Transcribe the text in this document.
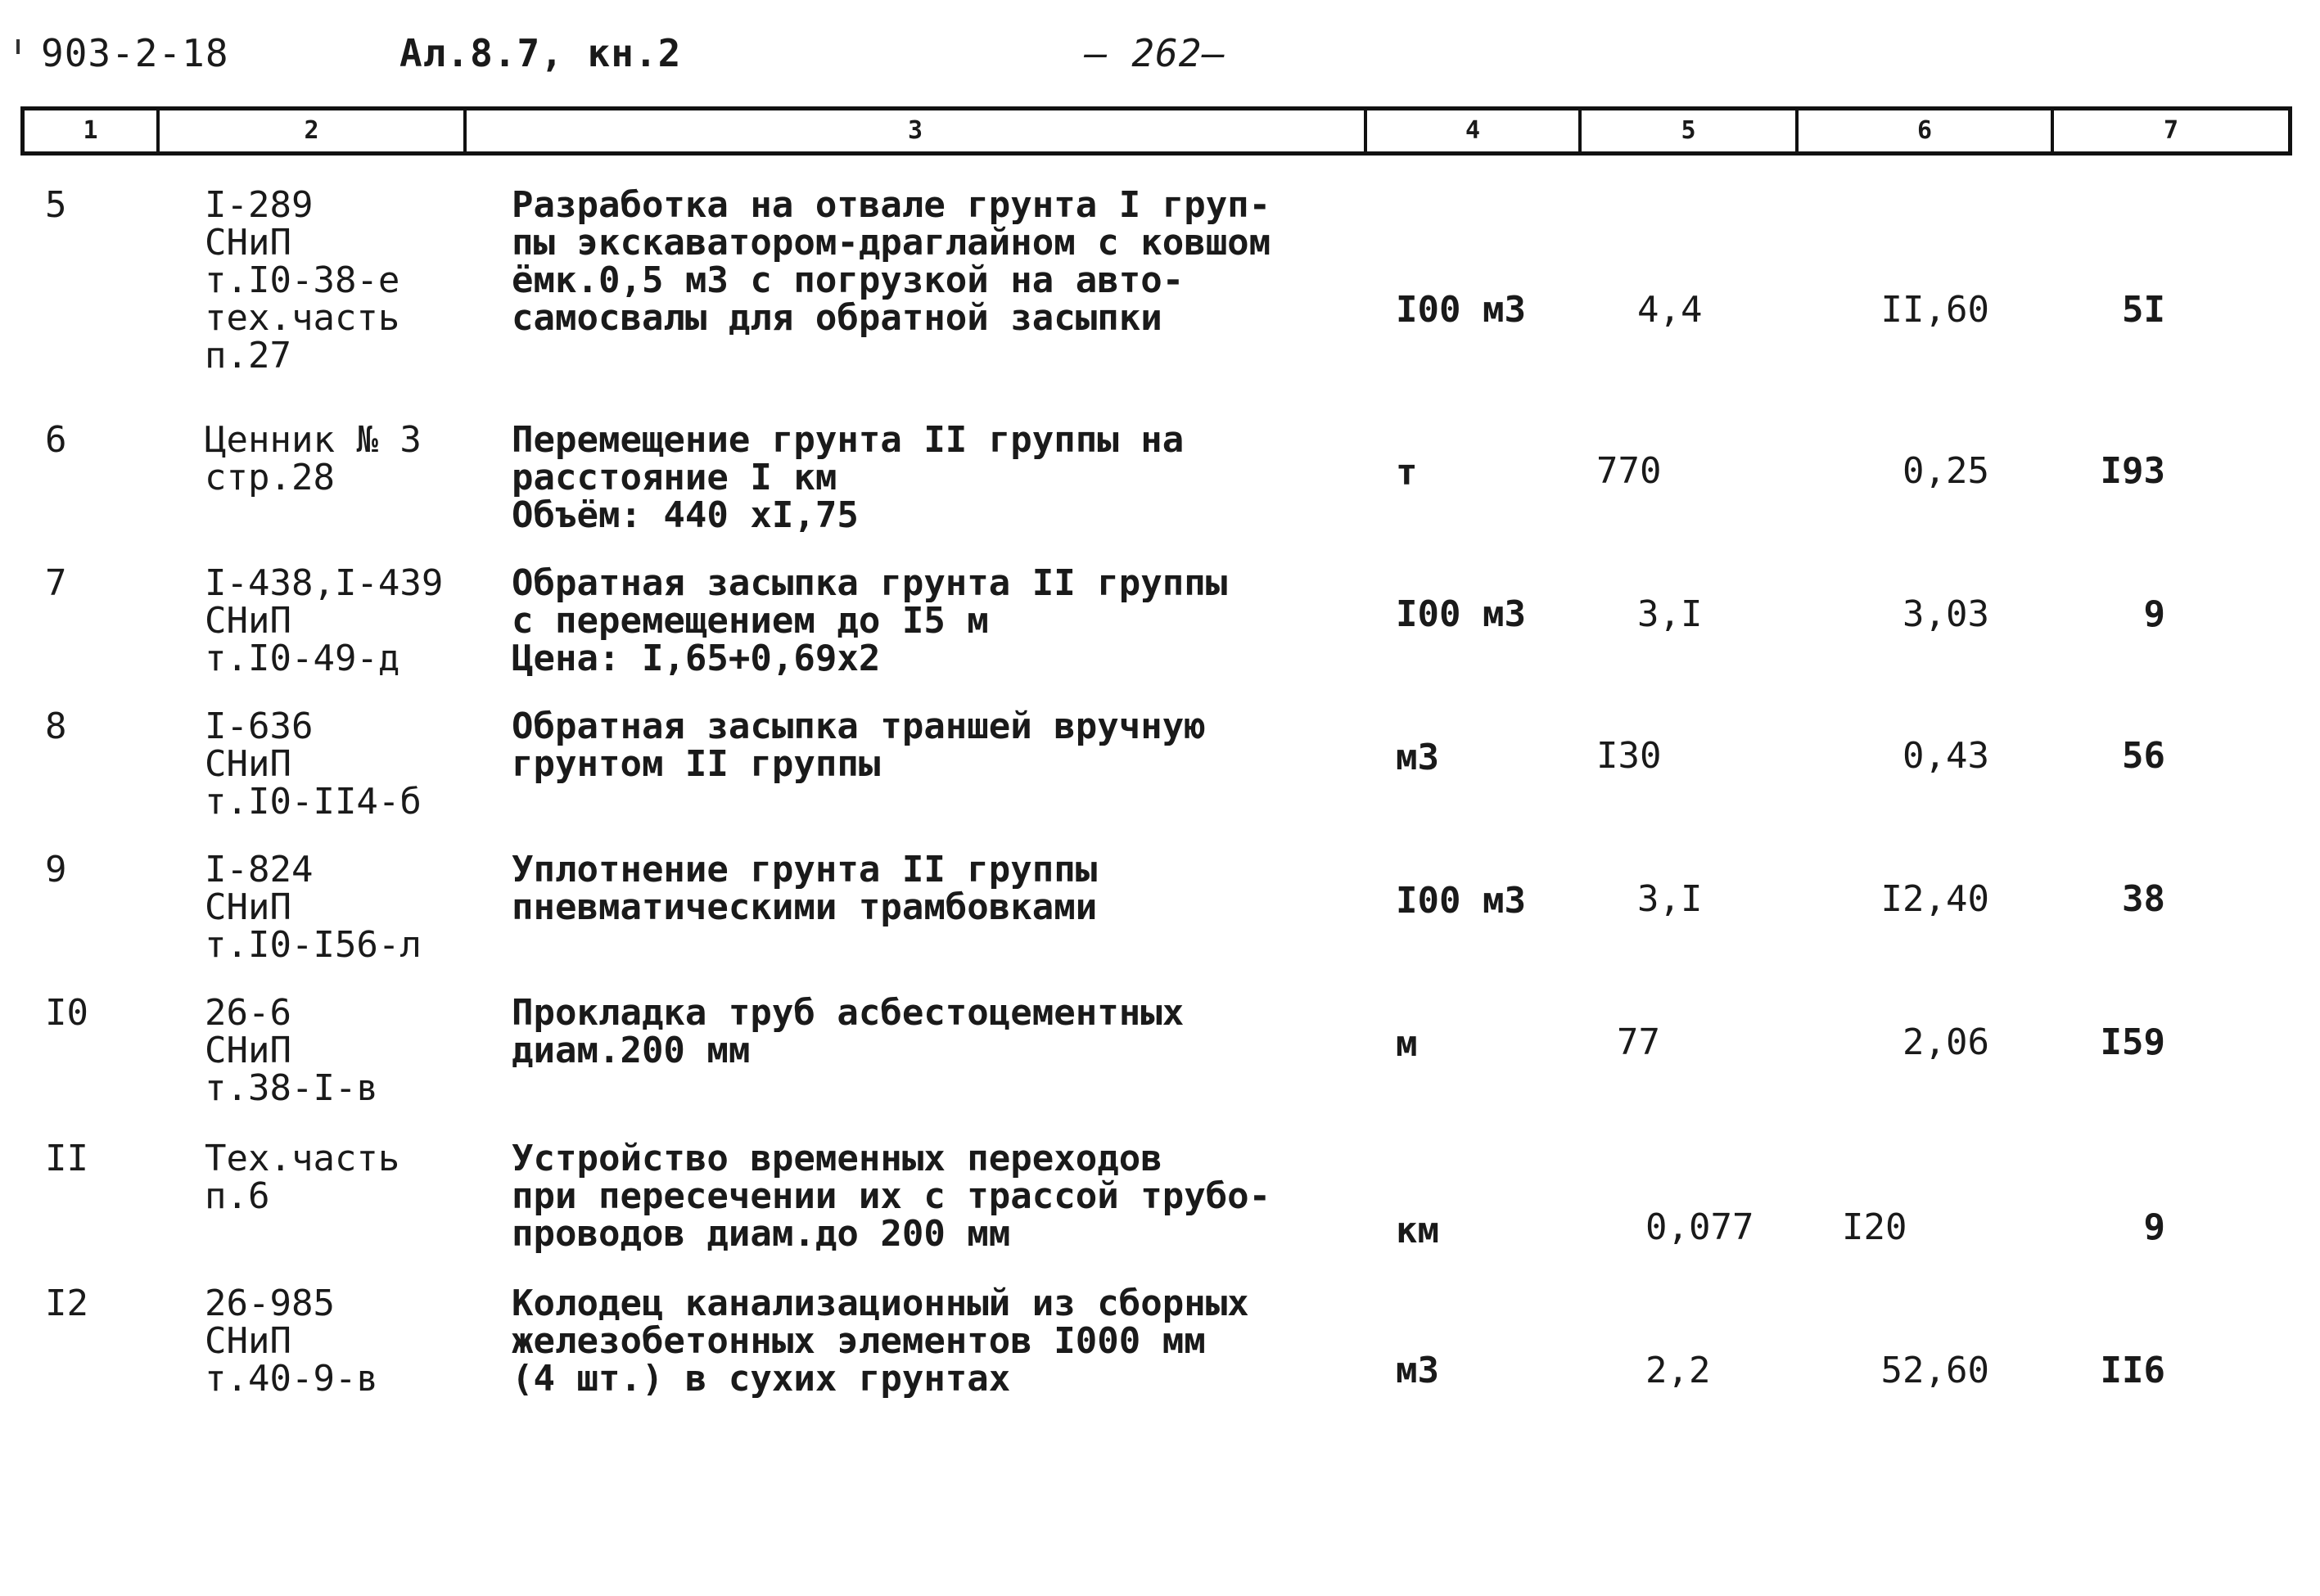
903-2-18	Ал.8.7, кн.2	— 262—
1	2	3	4	5	6	7
5	I-289
СНиП
т.I0-38-е
тех.часть
п.27
Разработка на отвале грунта I груп-
пы экскаватором-драглайном с ковшом
ёмк.0,5 м3 с погрузкой на авто-
самосвалы для обратной засыпки	I00 м3	4,4	II,60	5I
6	Ценник № 3
стр.28
Перемещение грунта II группы на
расстояние I км
Объём: 440 хI,75
т	770	0,25	I93
7	I-438,I-439
СНиП
т.I0-49-д
Обратная засыпка грунта II группы
с перемещением до I5 м
Цена: I,65+0,69х2
I00 м3	3,I	3,03	9
8	I-636
СНиП
т.I0-II4-б
Обратная засыпка траншей вручную
грунтом II группы	м3	I30	0,43	56
9	I-824
СНиП
т.I0-I56-л
Уплотнение грунта II группы
пневматическими трамбовками	I00 м3	3,I	I2,40	38
I0	26-6
СНиП
т.38-I-в
Прокладка труб асбестоцементных
диам.200 мм	м	77	2,06	I59
II	Тех.часть
п.6
Устройство временных переходов
при пересечении их с трассой трубо-
проводов диам.до 200 мм	км	0,077	I20	9
I2	26-985
СНиП
т.40-9-в
Колодец канализационный из сборных
железобетонных элементов I000 мм
(4 шт.) в сухих грунтах	м3	2,2	52,60	II6
